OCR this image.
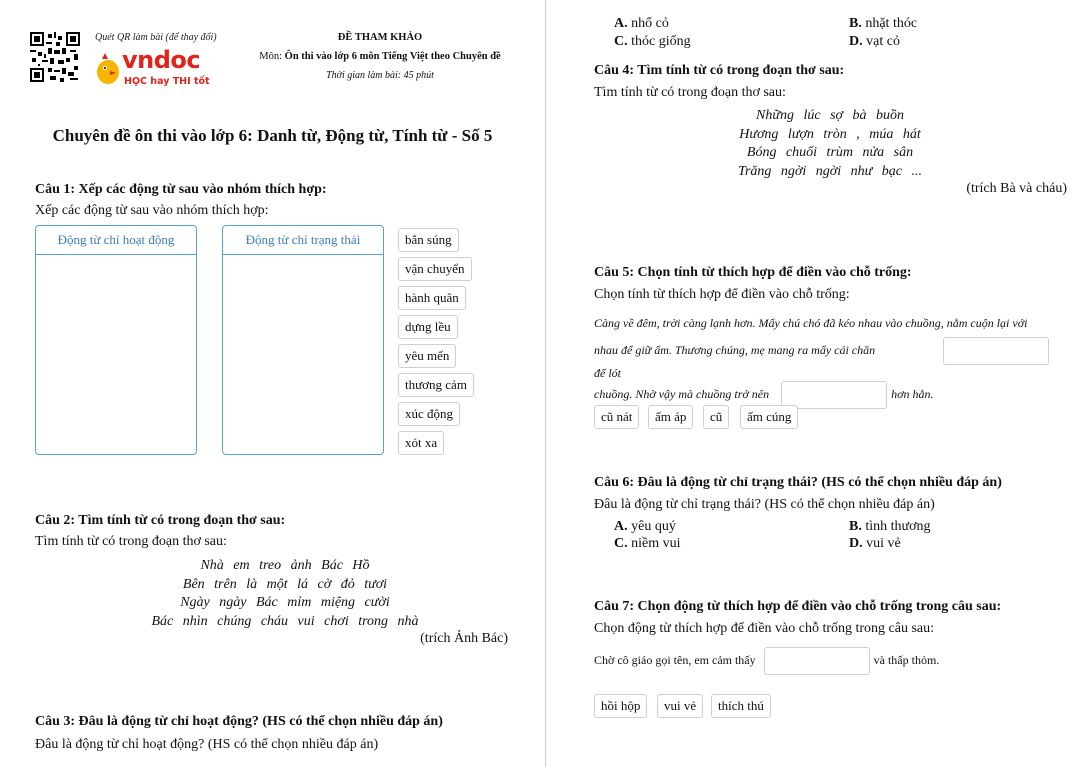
Quét QR làm bài (để thay đổi)
vndoc
HỌC hay THI tốt
ĐỀ THAM KHẢO
Môn: Ôn thi vào lớp 6 môn Tiếng Việt theo Chuyên đề
Thời gian làm bài: 45 phút
Chuyên đề ôn thi vào lớp 6: Danh từ, Động từ, Tính từ - Số 5
Câu 1: Xếp các động từ sau vào nhóm thích hợp:
Xếp các động từ sau vào nhóm thích hợp:
Động từ chỉ hoạt động	Động từ chỉ trạng thái	bắn súng
vận chuyển
hành quân
dựng lều
yêu mến
thương cảm
xúc động
xót xa
Câu 2: Tìm tính từ có trong đoạn thơ sau:
Tìm tính từ có trong đoạn thơ sau:
Nhà em treo ảnh Bác Hồ
Bên trên là một lá cờ đỏ tươi
Ngày ngày Bác mỉm miệng cười
Bác nhìn chúng cháu vui chơi trong nhà
(trích Ảnh Bác)
Câu 3: Đâu là động từ chỉ hoạt động? (HS có thể chọn nhiều đáp án)
Đâu là động từ chỉ hoạt động? (HS có thể chọn nhiều đáp án)
A. nhổ cỏ	B. nhặt thóc
C. thóc giống	D. vạt cỏ
Câu 4: Tìm tính từ có trong đoạn thơ sau:
Tìm tính từ có trong đoạn thơ sau:
Những lúc sợ bà buồn
Hương lượn tròn , múa hát
Bóng chuối trùm nửa sân
Trăng ngời ngời như bạc ...
(trích Bà và cháu)
Câu 5: Chọn tính từ thích hợp để điền vào chỗ trống:
Chọn tính từ thích hợp để điền vào chỗ trống:
Càng về đêm, trời càng lạnh hơn. Mấy chú chó đã kéo nhau vào chuồng, nằm cuộn lại với
nhau để giữ ấm. Thương chúng, mẹ mang ra mấy cái chănđể lót
chuồng. Nhờ vậy mà chuồng trở nên	hơn hẳn.
cũ nát	ấm áp	cũ	ấm cúng
Câu 6: Đâu là động từ chỉ trạng thái? (HS có thể chọn nhiều đáp án)
Đâu là động từ chỉ trạng thái? (HS có thể chọn nhiều đáp án)
A. yêu quý	B. tình thương
C. niềm vui	D. vui vẻ
Câu 7: Chọn động từ thích hợp để điền vào chỗ trống trong câu sau:
Chọn động từ thích hợp để điền vào chỗ trống trong câu sau:
Chờ cô giáo gọi tên, em cảm thấy	và thấp thỏm.
hồi hộp	vui vẻ	thích thú
